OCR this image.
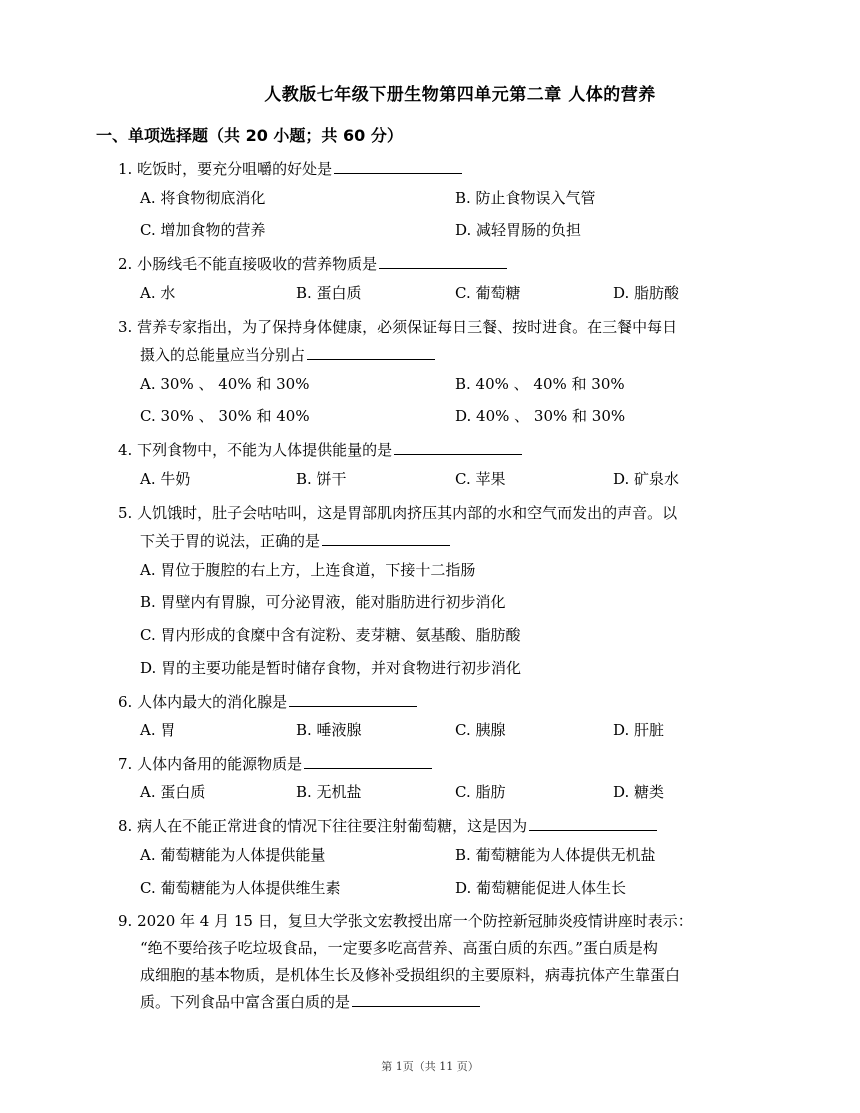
人教版七年级下册生物第四单元第二章 人体的营养
一、单项选择题（共 20 小题；共 60 分）
1. 吃饭时，要充分咀嚼的好处是
A. 将食物彻底消化	B. 防止食物误入气管
C. 增加食物的营养	D. 减轻胃肠的负担
2. 小肠线毛不能直接吸收的营养物质是
A. 水	B. 蛋白质	C. 葡萄糖	D. 脂肪酸
3. 营养专家指出，为了保持身体健康，必须保证每日三餐、按时进食。在三餐中每日
摄入的总能量应当分别占
A. 30% 、 40% 和 30%	B. 40% 、 40% 和 30%
C. 30% 、 30% 和 40%	D. 40% 、 30% 和 30%
4. 下列食物中，不能为人体提供能量的是
A. 牛奶	B. 饼干	C. 苹果	D. 矿泉水
5. 人饥饿时，肚子会咕咕叫，这是胃部肌肉挤压其内部的水和空气而发出的声音。以
下关于胃的说法，正确的是
A. 胃位于腹腔的右上方，上连食道，下接十二指肠
B. 胃壁内有胃腺，可分泌胃液，能对脂肪进行初步消化
C. 胃内形成的食糜中含有淀粉、麦芽糖、氨基酸、脂肪酸
D. 胃的主要功能是暂时储存食物，并对食物进行初步消化
6. 人体内最大的消化腺是
A. 胃	B. 唾液腺	C. 胰腺	D. 肝脏
7. 人体内备用的能源物质是
A. 蛋白质	B. 无机盐	C. 脂肪	D. 糖类
8. 病人在不能正常进食的情况下往往要注射葡萄糖，这是因为
A. 葡萄糖能为人体提供能量	B. 葡萄糖能为人体提供无机盐
C. 葡萄糖能为人体提供维生素	D. 葡萄糖能促进人体生长
9. 2020 年 4 月 15 日，复旦大学张文宏教授出席一个防控新冠肺炎疫情讲座时表示：
“绝不要给孩子吃垃圾食品，一定要多吃高营养、高蛋白质的东西。”蛋白质是构
成细胞的基本物质，是机体生长及修补受损组织的主要原料，病毒抗体产生靠蛋白
质。下列食品中富含蛋白质的是
第 1页（共 11 页）
